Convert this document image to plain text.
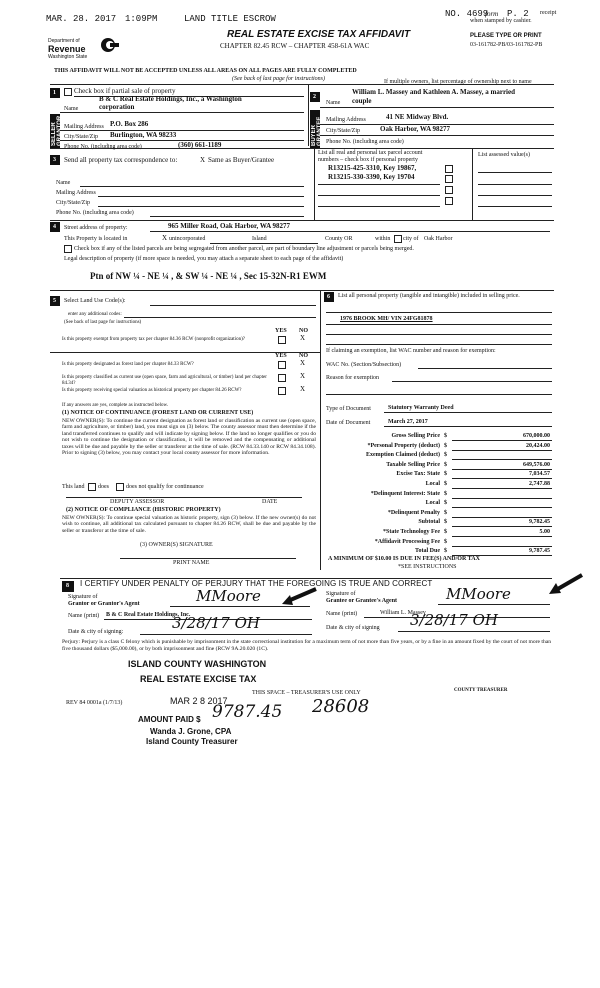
MAR. 28. 2017 1:09PM	LAND TITLE ESCROW	NO. 4699
form P. 2 receipt
when stamped by cashier.
REAL ESTATE EXCISE TAX AFFIDAVIT
CHAPTER 82.45 RCW – CHAPTER 458-61A WAC
PLEASE TYPE OR PRINT
03-161782-PB/03-161782-PB
Department of
Revenue
Washington State
THIS AFFIDAVIT WILL NOT BE ACCEPTED UNLESS ALL AREAS ON ALL PAGES ARE FULLY COMPLETED
(See back of last page for instructions)
1	Check box if partial sale of property
Name
B & C Real Estate Holdings, Inc., a Washington
corporation
SELLER GRANTOR Mailing Address P.O. Box 286
City/State/Zip Burlington, WA 98233
Phone No. (including area code)	(360) 661-1189
If multiple owners, list percentage of ownership next to name
2
William L. Massey and Kathleen A. Massey, a married
Name couple
BUYER GRANTEE Mailing Address	41 NE Midway Blvd.
City/State/Zip	Oak Harbor, WA 98277
Phone No. (including area code)
3 Send all property tax correspondence to:	X Same as Buyer/Grantee
Name
Mailing Address
City/State/Zip
Phone No. (including area code)
List all real and personal tax parcel account
numbers – check box if personal property
List assessed value(s)
R13215-425-3310, Key 19867,
R13215-330-3390, Key 19704
4 Street address of property:	965 Miller Road, Oak Harbor, WA 98277
This Property is located in	X unincorporated	Island	County OR	within city of Oak Harbor
Check box if any of the listed parcels are being segregated from another parcel, are part of boundary line adjustment or parcels being merged.
Legal description of property (if more space is needed, you may attach a separate sheet to each page of the affidavit)
Ptn of NW ¼ - NE ¼ , & SW ¼ - NE ¼ , Sec 15-32N-R1 EWM
5 Select Land Use Code(s):
enter any additional codes:
(See back of last page for instructions)
YES NO
Is this property exempt from property tax per chapter 84.36 RCW (nonprofit organization)?	X
YES NO
Is this property designated as forest land per chapter 84.33 RCW?	X
Is this property classified as current use (open space, farm and agricultural, or timber) land per chapter 84.34?
X
Is this property receiving special valuation as historical property per chapter 84.26 RCW?	X
If any answers are yes, complete as instructed below.
(1) NOTICE OF CONTINUANCE (FOREST LAND OR CURRENT USE)
NEW OWNER(S): To continue the current designation as forest land or classification as current use (open space, farm and agriculture, or timber) land, you must sign on (3) below. The county assessor must then determine if the land transferred continues to qualify and will indicate by signing below. If the land no longer qualifies or you do not wish to continue the designation or classification, it will be removed and the compensating or additional taxes will be due and payable by the seller or transferor at the time of sale. (RCW 84.33.140 or RCW 84.34.108). Prior to signing (3) below, you may contact your local county assessor for more information.
This land does	does not qualify for continuance
DEPUTY ASSESSOR	DATE
(2) NOTICE OF COMPLIANCE (HISTORIC PROPERTY)
NEW OWNER(S): To continue special valuation as historic property, sign (3) below. If the new owner(s) do not wish to continue, all additional tax calculated pursuant to chapter 84.26 RCW, shall be due and payable by the seller or transferor at the time of sale.
(3) OWNER(S) SIGNATURE
PRINT NAME
6 List all personal property (tangible and intangible) included in selling price.
1976 BROOK MH/ VIN 24FG81878
If claiming an exemption, list WAC number and reason for exemption:
WAC No. (Section/Subsection)
Reason for exemption
Type of Document	Statutory Warranty Deed
Date of Document	March 27, 2017
Gross Selling Price $	670,000.00
*Personal Property (deduct) $	20,424.00
Exemption Claimed (deduct) $
Taxable Selling Price $	649,576.00
Excise Tax: State $	7,034.57
Local $	2,747.88
*Delinquent Interest: State $
Local $
*Delinquent Penalty $
Subtotal $	9,782.45
*State Technology Fee $	5.00
*Affidavit Processing Fee $
Total Due $	9,787.45
A MINIMUM OF $10.00 IS DUE IN FEE(S) AND/OR TAX
*SEE INSTRUCTIONS
8 I CERTIFY UNDER PENALTY OF PERJURY THAT THE FOREGOING IS TRUE AND CORRECT
Signature of
Grantor or Grantor's Agent	MMoore
Name (print) B & C Real Estate Holdings, Inc.
Date & city of signing:	3/28/17 OH
Signature of
Grantee or Grantee's Agent	MMoore
Name (print)	William L. Massey
Date & city of signing 3/28/17 OH
Perjury: Perjury is a class C felony which is punishable by imprisonment in the state correctional institution for a maximum term of not more than five years, or by a fine in an amount fixed by the court of not more than five thousand dollars ($5,000.00), or by both imprisonment and fine (RCW 9A.20.020 (1C).
ISLAND COUNTY WASHINGTON
REAL ESTATE EXCISE TAX
REV 84 0001a (1/7/13)	MAR 2 8 2017
THIS SPACE – TREASURER'S USE ONLY	COUNTY TREASURER
AMOUNT PAID $ 9787.45 28608
Wanda J. Grone, CPA
Island County Treasurer
